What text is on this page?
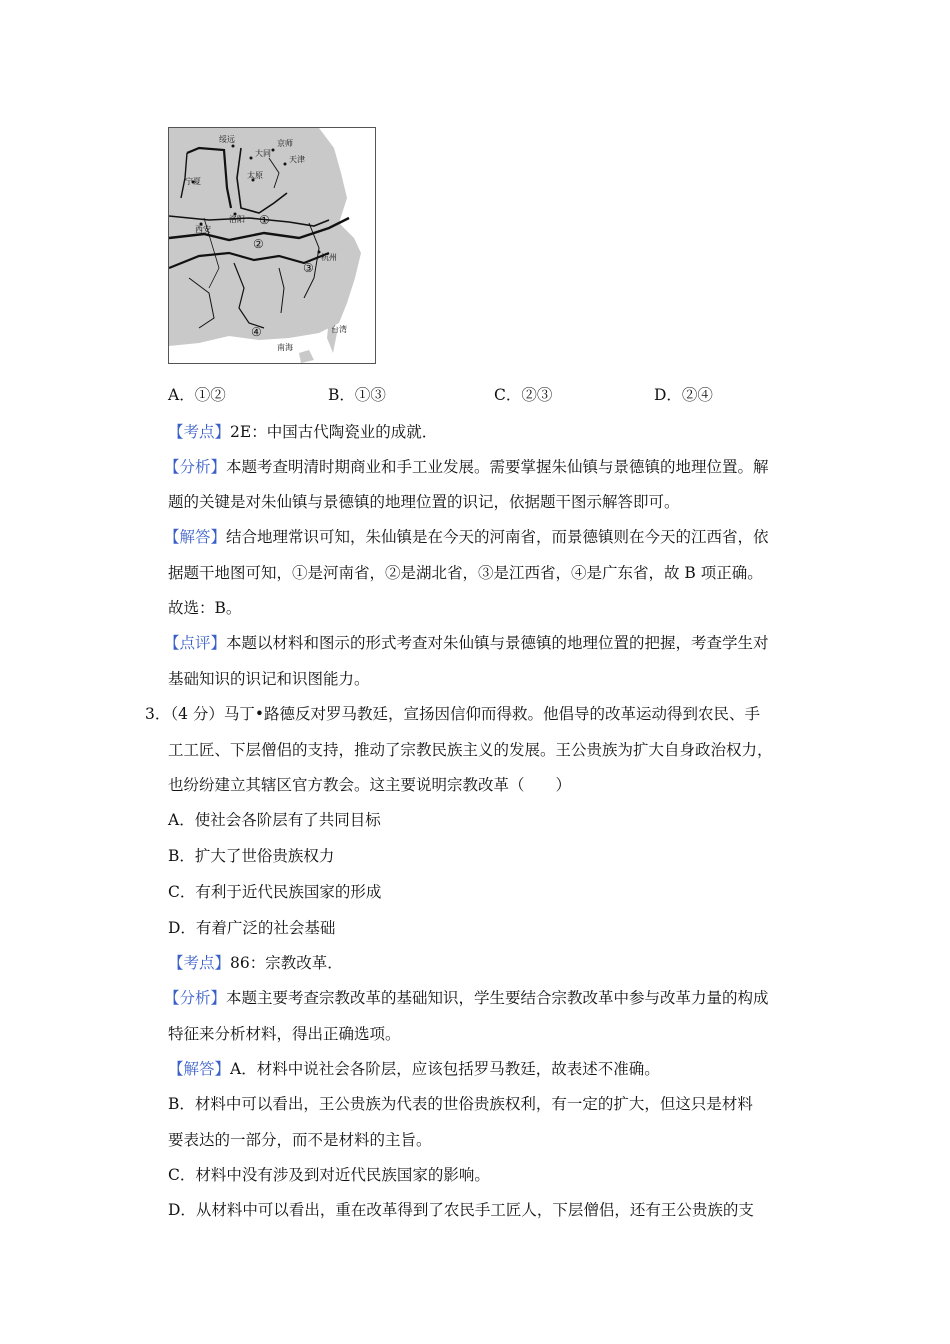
绥远	京师
大同
天津
宁夏
太原
洛阳
西安
杭州
台湾
南海
①
②
③
④
A．①②	B．①③	C．②③	D．②④
【考点】2E：中国古代陶瓷业的成就．
【分析】本题考查明清时期商业和手工业发展。需要掌握朱仙镇与景德镇的地理位置。解
题的关键是对朱仙镇与景德镇的地理位置的识记，依据题干图示解答即可。
【解答】结合地理常识可知，朱仙镇是在今天的河南省，而景德镇则在今天的江西省，依
据题干地图可知，①是河南省，②是湖北省，③是江西省，④是广东省，故 B 项正确。
故选：B。
【点评】本题以材料和图示的形式考查对朱仙镇与景德镇的地理位置的把握，考查学生对
基础知识的识记和识图能力。
3．（4 分）马丁•路德反对罗马教廷，宣扬因信仰而得救。他倡导的改革运动得到农民、手
工工匠、下层僧侣的支持，推动了宗教民族主义的发展。王公贵族为扩大自身政治权力，
也纷纷建立其辖区官方教会。这主要说明宗教改革（　　）
A．使社会各阶层有了共同目标
B．扩大了世俗贵族权力
C．有利于近代民族国家的形成
D．有着广泛的社会基础
【考点】86：宗教改革．
【分析】本题主要考查宗教改革的基础知识，学生要结合宗教改革中参与改革力量的构成
特征来分析材料，得出正确选项。
【解答】A．材料中说社会各阶层，应该包括罗马教廷，故表述不准确。
B．材料中可以看出，王公贵族为代表的世俗贵族权利，有一定的扩大，但这只是材料
要表达的一部分，而不是材料的主旨。
C．材料中没有涉及到对近代民族国家的影响。
D．从材料中可以看出，重在改革得到了农民手工匠人，下层僧侣，还有王公贵族的支
